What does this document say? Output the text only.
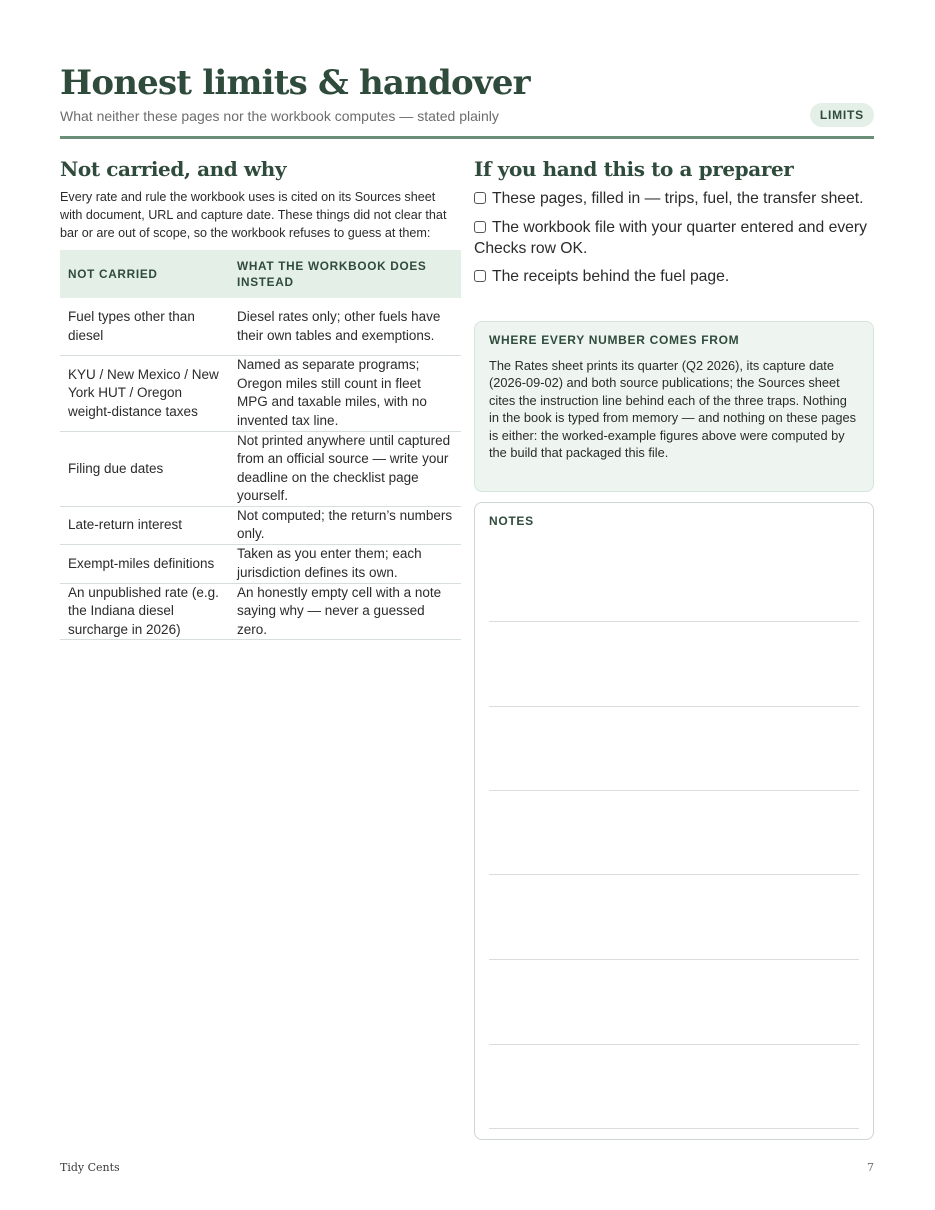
Honest limits & handover
What neither these pages nor the workbook computes — stated plainly	LIMITS
Not carried, and why

Every rate and rule the workbook uses is cited on its Sources sheet with document, URL and capture date. These things did not clear that bar or are out of scope, so the workbook refuses to guess at them:

NOT CARRIED	WHAT THE WORKBOOK DOES INSTEAD
Fuel types other than diesel	Diesel rates only; other fuels have their own tables and exemptions.
KYU / New Mexico / New York HUT / Oregon weight-distance taxes	Named as separate programs; Oregon miles still count in fleet MPG and taxable miles, with no invented tax line.
Filing due dates	Not printed anywhere until captured from an official source — write your deadline on the checklist page yourself.
Late-return interest	Not computed; the return’s numbers only.
Exempt-miles definitions	Taken as you enter them; each jurisdiction defines its own.
An unpublished rate (e.g. the Indiana diesel surcharge in 2026)	An honestly empty cell with a note saying why — never a guessed zero.
If you hand this to a preparer
These pages, filled in — trips, fuel, the transfer sheet.
The workbook file with your quarter entered and every Checks row OK.
The receipts behind the fuel page.
WHERE EVERY NUMBER COMES FROM

The Rates sheet prints its quarter (Q2 2026), its capture date (2026-09-02) and both source publications; the Sources sheet cites the instruction line behind each of the three traps. Nothing in the book is typed from memory — and nothing on these pages is either: the worked-example figures above were computed by the build that packaged this file.

NOTES
Tidy Cents	7
